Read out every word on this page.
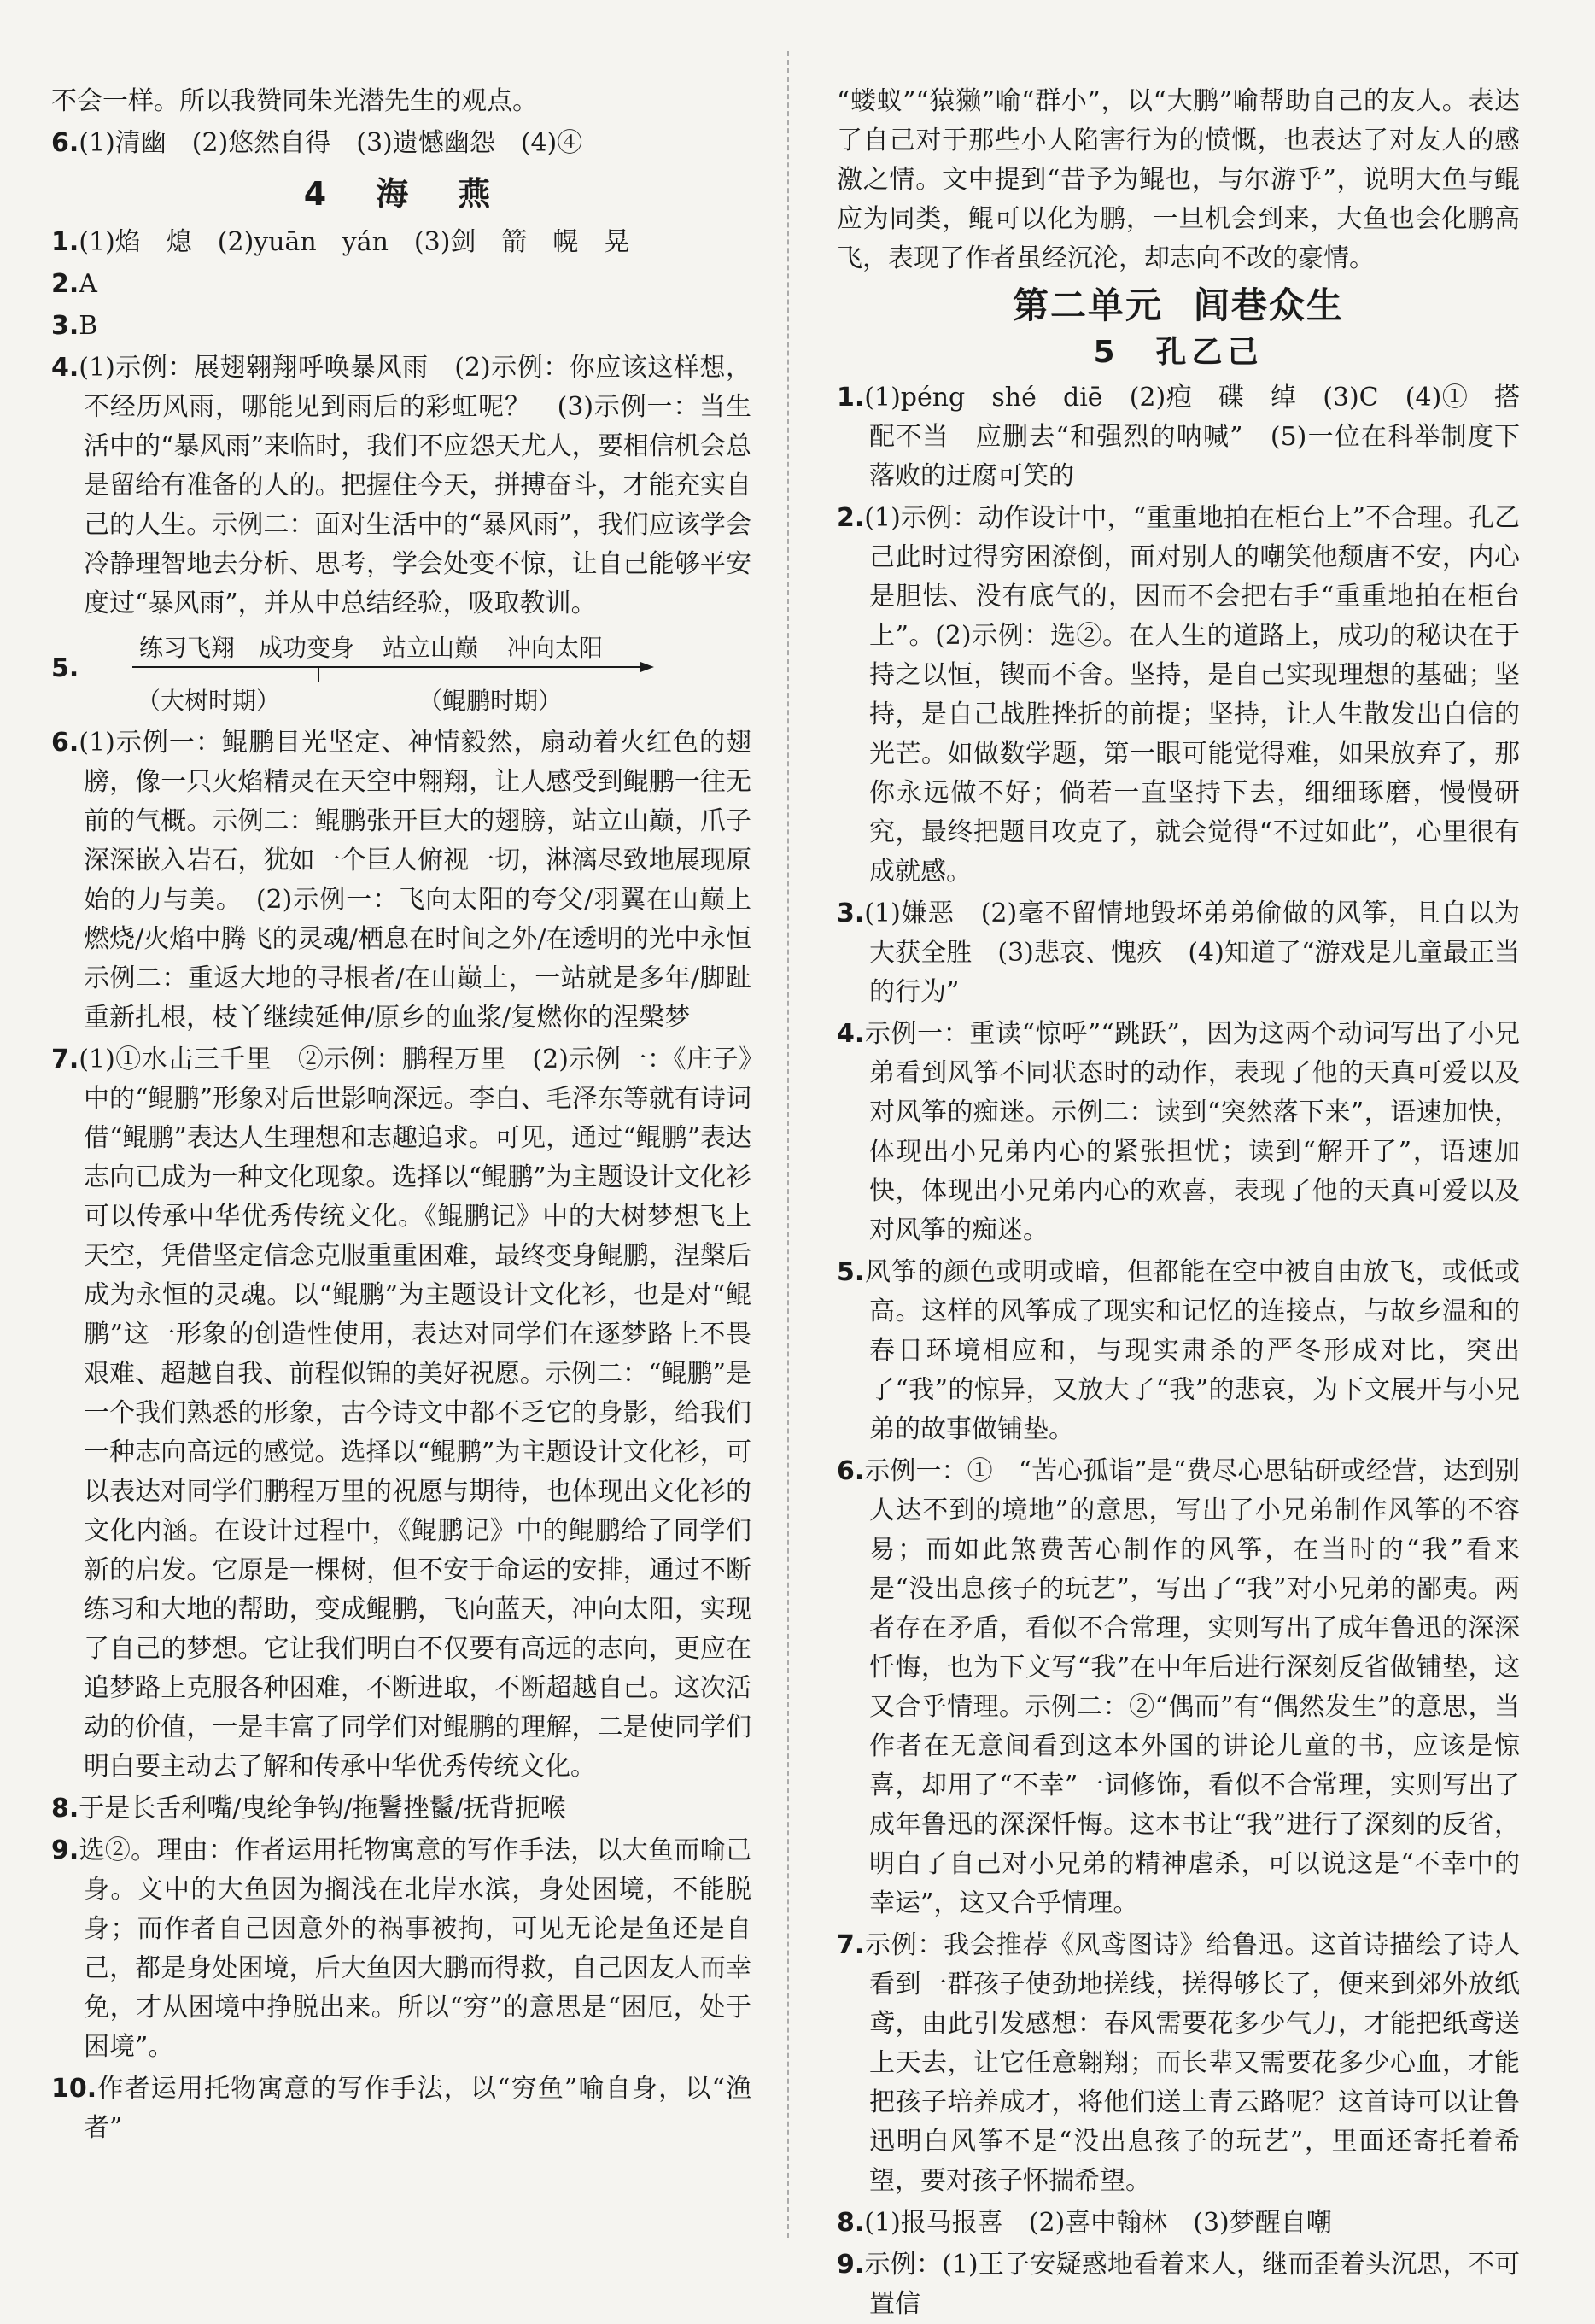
不会一样。所以我赞同朱光潜先生的观点。
6.(1)清幽　(2)悠然自得　(3)遗憾幽怨　(4)④
4　海　燕
1.(1)焰　熄　(2)yuān　yán　(3)剑　箭　幌　晃
2.A
3.B
4.(1)示例：展翅翱翔呼唤暴风雨　(2)示例：你应该这样想，不经历风雨，哪能见到雨后的彩虹呢？　(3)示例一：当生活中的“暴风雨”来临时，我们不应怨天尤人，要相信机会总是留给有准备的人的。把握住今天，拼搏奋斗，才能充实自己的人生。示例二：面对生活中的“暴风雨”，我们应该学会冷静理智地去分析、思考，学会处变不惊，让自己能够平安度过“暴风雨”，并从中总结经验，吸取教训。
5.
练习飞翔 成功变身 站立山巅 冲向太阳
（大树时期）	（鲲鹏时期）
6.(1)示例一：鲲鹏目光坚定、神情毅然，扇动着火红色的翅膀，像一只火焰精灵在天空中翱翔，让人感受到鲲鹏一往无前的气概。示例二：鲲鹏张开巨大的翅膀，站立山巅，爪子深深嵌入岩石，犹如一个巨人俯视一切，淋漓尽致地展现原始的力与美。　(2)示例一：飞向太阳的夸父/羽翼在山巅上燃烧/火焰中腾飞的灵魂/栖息在时间之外/在透明的光中永恒　示例二：重返大地的寻根者/在山巅上，一站就是多年/脚趾重新扎根，枝丫继续延伸/原乡的血浆/复燃你的涅槃梦
7.(1)①水击三千里　②示例：鹏程万里　(2)示例一：《庄子》中的“鲲鹏”形象对后世影响深远。李白、毛泽东等就有诗词借“鲲鹏”表达人生理想和志趣追求。可见，通过“鲲鹏”表达志向已成为一种文化现象。选择以“鲲鹏”为主题设计文化衫可以传承中华优秀传统文化。《鲲鹏记》中的大树梦想飞上天空，凭借坚定信念克服重重困难，最终变身鲲鹏，涅槃后成为永恒的灵魂。以“鲲鹏”为主题设计文化衫，也是对“鲲鹏”这一形象的创造性使用，表达对同学们在逐梦路上不畏艰难、超越自我、前程似锦的美好祝愿。示例二：“鲲鹏”是一个我们熟悉的形象，古今诗文中都不乏它的身影，给我们一种志向高远的感觉。选择以“鲲鹏”为主题设计文化衫，可以表达对同学们鹏程万里的祝愿与期待，也体现出文化衫的文化内涵。在设计过程中，《鲲鹏记》中的鲲鹏给了同学们新的启发。它原是一棵树，但不安于命运的安排，通过不断练习和大地的帮助，变成鲲鹏，飞向蓝天，冲向太阳，实现了自己的梦想。它让我们明白不仅要有高远的志向，更应在追梦路上克服各种困难，不断进取，不断超越自己。这次活动的价值，一是丰富了同学们对鲲鹏的理解，二是使同学们明白要主动去了解和传承中华优秀传统文化。
8.于是长舌利嘴/曳纶争钩/拖鬐挫鬣/抚背扼喉
9.选②。理由：作者运用托物寓意的写作手法，以大鱼而喻己身。文中的大鱼因为搁浅在北岸水滨，身处困境，不能脱身；而作者自己因意外的祸事被拘，可见无论是鱼还是自己，都是身处困境，后大鱼因大鹏而得救，自己因友人而幸免，才从困境中挣脱出来。所以“穷”的意思是“困厄，处于困境”。
10.作者运用托物寓意的写作手法，以“穷鱼”喻自身，以“渔者”
“蝼蚁”“猿獭”喻“群小”，以“大鹏”喻帮助自己的友人。表达了自己对于那些小人陷害行为的愤慨，也表达了对友人的感激之情。文中提到“昔予为鲲也，与尔游乎”，说明大鱼与鲲应为同类，鲲可以化为鹏，一旦机会到来，大鱼也会化鹏高飞，表现了作者虽经沉沦，却志向不改的豪情。
第二单元 闾巷众生
5　孔乙己
1.(1)péng　shé　diē　(2)疱　碟　绰　(3)C　(4)①　搭配不当　应删去“和强烈的呐喊”　(5)一位在科举制度下落败的迂腐可笑的
2.(1)示例：动作设计中，“重重地拍在柜台上”不合理。孔乙己此时过得穷困潦倒，面对别人的嘲笑他颓唐不安，内心是胆怯、没有底气的，因而不会把右手“重重地拍在柜台上”。(2)示例：选②。在人生的道路上，成功的秘诀在于持之以恒，锲而不舍。坚持，是自己实现理想的基础；坚持，是自己战胜挫折的前提；坚持，让人生散发出自信的光芒。如做数学题，第一眼可能觉得难，如果放弃了，那你永远做不好；倘若一直坚持下去，细细琢磨，慢慢研究，最终把题目攻克了，就会觉得“不过如此”，心里很有成就感。
3.(1)嫌恶　(2)毫不留情地毁坏弟弟偷做的风筝，且自以为大获全胜　(3)悲哀、愧疚　(4)知道了“游戏是儿童最正当的行为”
4.示例一：重读“惊呼”“跳跃”，因为这两个动词写出了小兄弟看到风筝不同状态时的动作，表现了他的天真可爱以及对风筝的痴迷。示例二：读到“突然落下来”，语速加快，体现出小兄弟内心的紧张担忧；读到“解开了”，语速加快，体现出小兄弟内心的欢喜，表现了他的天真可爱以及对风筝的痴迷。
5.风筝的颜色或明或暗，但都能在空中被自由放飞，或低或高。这样的风筝成了现实和记忆的连接点，与故乡温和的春日环境相应和，与现实肃杀的严冬形成对比，突出了“我”的惊异，又放大了“我”的悲哀，为下文展开与小兄弟的故事做铺垫。
6.示例一：①　“苦心孤诣”是“费尽心思钻研或经营，达到别人达不到的境地”的意思，写出了小兄弟制作风筝的不容易；而如此煞费苦心制作的风筝，在当时的“我”看来是“没出息孩子的玩艺”，写出了“我”对小兄弟的鄙夷。两者存在矛盾，看似不合常理，实则写出了成年鲁迅的深深忏悔，也为下文写“我”在中年后进行深刻反省做铺垫，这又合乎情理。示例二：②“偶而”有“偶然发生”的意思，当作者在无意间看到这本外国的讲论儿童的书，应该是惊喜，却用了“不幸”一词修饰，看似不合常理，实则写出了成年鲁迅的深深忏悔。这本书让“我”进行了深刻的反省，明白了自己对小兄弟的精神虐杀，可以说这是“不幸中的幸运”，这又合乎情理。
7.示例：我会推荐《风鸢图诗》给鲁迅。这首诗描绘了诗人看到一群孩子使劲地搓线，搓得够长了，便来到郊外放纸鸢，由此引发感想：春风需要花多少气力，才能把纸鸢送上天去，让它任意翱翔；而长辈又需要花多少心血，才能把孩子培养成才，将他们送上青云路呢？这首诗可以让鲁迅明白风筝不是“没出息孩子的玩艺”，里面还寄托着希望，要对孩子怀揣希望。
8.(1)报马报喜　(2)喜中翰林　(3)梦醒自嘲
9.示例：(1)王子安疑惑地看着来人，继而歪着头沉思，不可置信
